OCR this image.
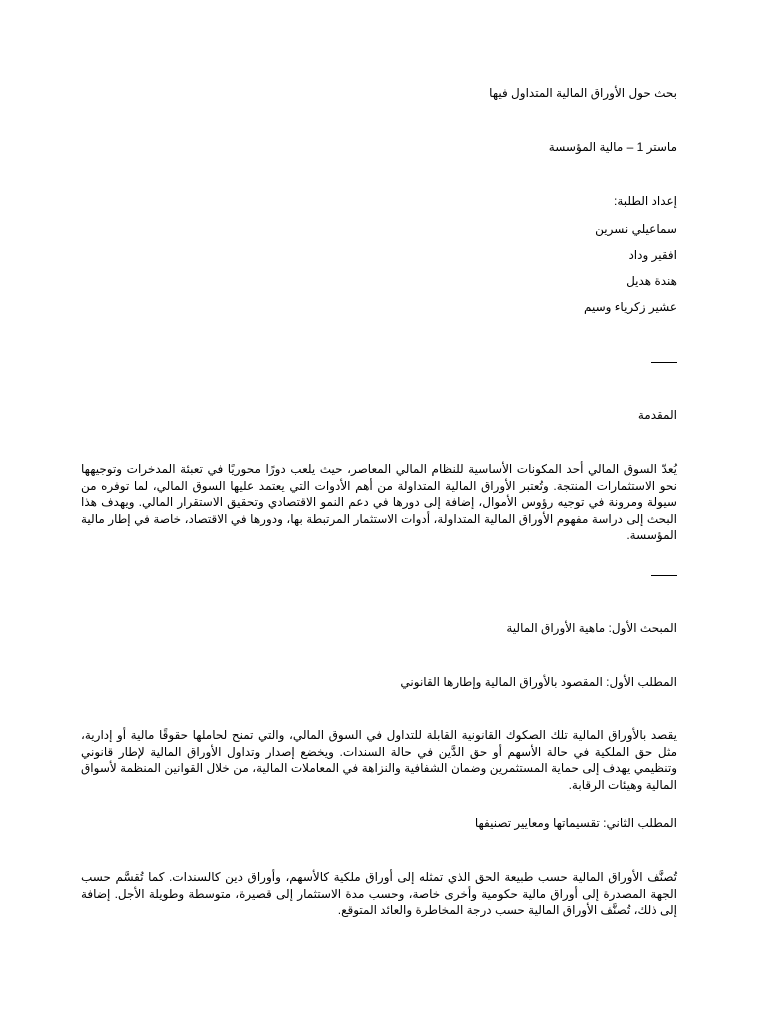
بحث حول الأوراق المالية المتداول فيها
ماستر 1 – مالية المؤسسة
إعداد الطلبة:
سماعيلي نسرين
افقير وداد
هندة هديل
عشير زكرياء وسيم
المقدمة
يُعدّ السوق المالي أحد المكونات الأساسية للنظام المالي المعاصر، حيث يلعب دورًا محوريًا في تعبئة المدخرات وتوجيهها نحو الاستثمارات المنتجة. وتُعتبر الأوراق المالية المتداولة من أهم الأدوات التي يعتمد عليها السوق المالي، لما توفره من سيولة ومرونة في توجيه رؤوس الأموال، إضافة إلى دورها في دعم النمو الاقتصادي وتحقيق الاستقرار المالي. ويهدف هذا البحث إلى دراسة مفهوم الأوراق المالية المتداولة، أدوات الاستثمار المرتبطة بها، ودورها في الاقتصاد، خاصة في إطار مالية المؤسسة.
المبحث الأول: ماهية الأوراق المالية
المطلب الأول: المقصود بالأوراق المالية وإطارها القانوني
يقصد بالأوراق المالية تلك الصكوك القانونية القابلة للتداول في السوق المالي، والتي تمنح لحاملها حقوقًا مالية أو إدارية، مثل حق الملكية في حالة الأسهم أو حق الدَّين في حالة السندات. ويخضع إصدار وتداول الأوراق المالية لإطار قانوني وتنظيمي يهدف إلى حماية المستثمرين وضمان الشفافية والنزاهة في المعاملات المالية، من خلال القوانين المنظمة لأسواق المالية وهيئات الرقابة.
المطلب الثاني: تقسيماتها ومعايير تصنيفها
تُصنَّف الأوراق المالية حسب طبيعة الحق الذي تمثله إلى أوراق ملكية كالأسهم، وأوراق دين كالسندات. كما تُقسَّم حسب الجهة المصدرة إلى أوراق مالية حكومية وأخرى خاصة، وحسب مدة الاستثمار إلى قصيرة، متوسطة وطويلة الأجل. إضافة إلى ذلك، تُصنَّف الأوراق المالية حسب درجة المخاطرة والعائد المتوقع.
